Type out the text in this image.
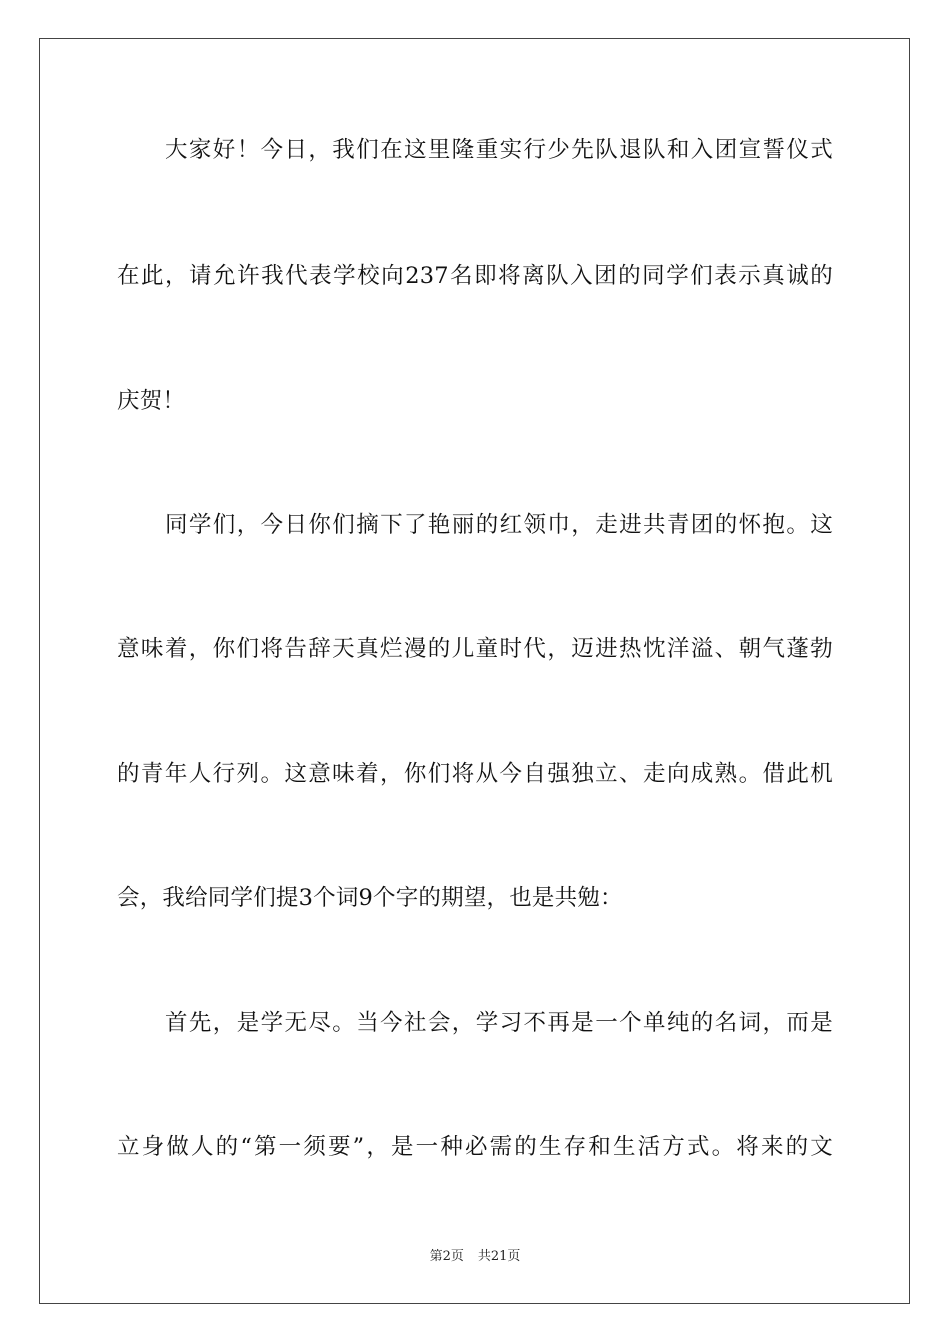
大家好！今日，我们在这里隆重实行少先队退队和入团宣誓仪式
在此，请允许我代表学校向237名即将离队入团的同学们表示真诚的
庆贺！
同学们，今日你们摘下了艳丽的红领巾，走进共青团的怀抱。这
意味着，你们将告辞天真烂漫的儿童时代，迈进热忱洋溢、朝气蓬勃
的青年人行列。这意味着，你们将从今自强独立、走向成熟。借此机
会，我给同学们提3个词9个字的期望，也是共勉：
首先，是学无尽。当今社会，学习不再是一个单纯的名词，而是
立身做人的“第一须要”，是一种必需的生存和生活方式。将来的文
第2页 共21页
